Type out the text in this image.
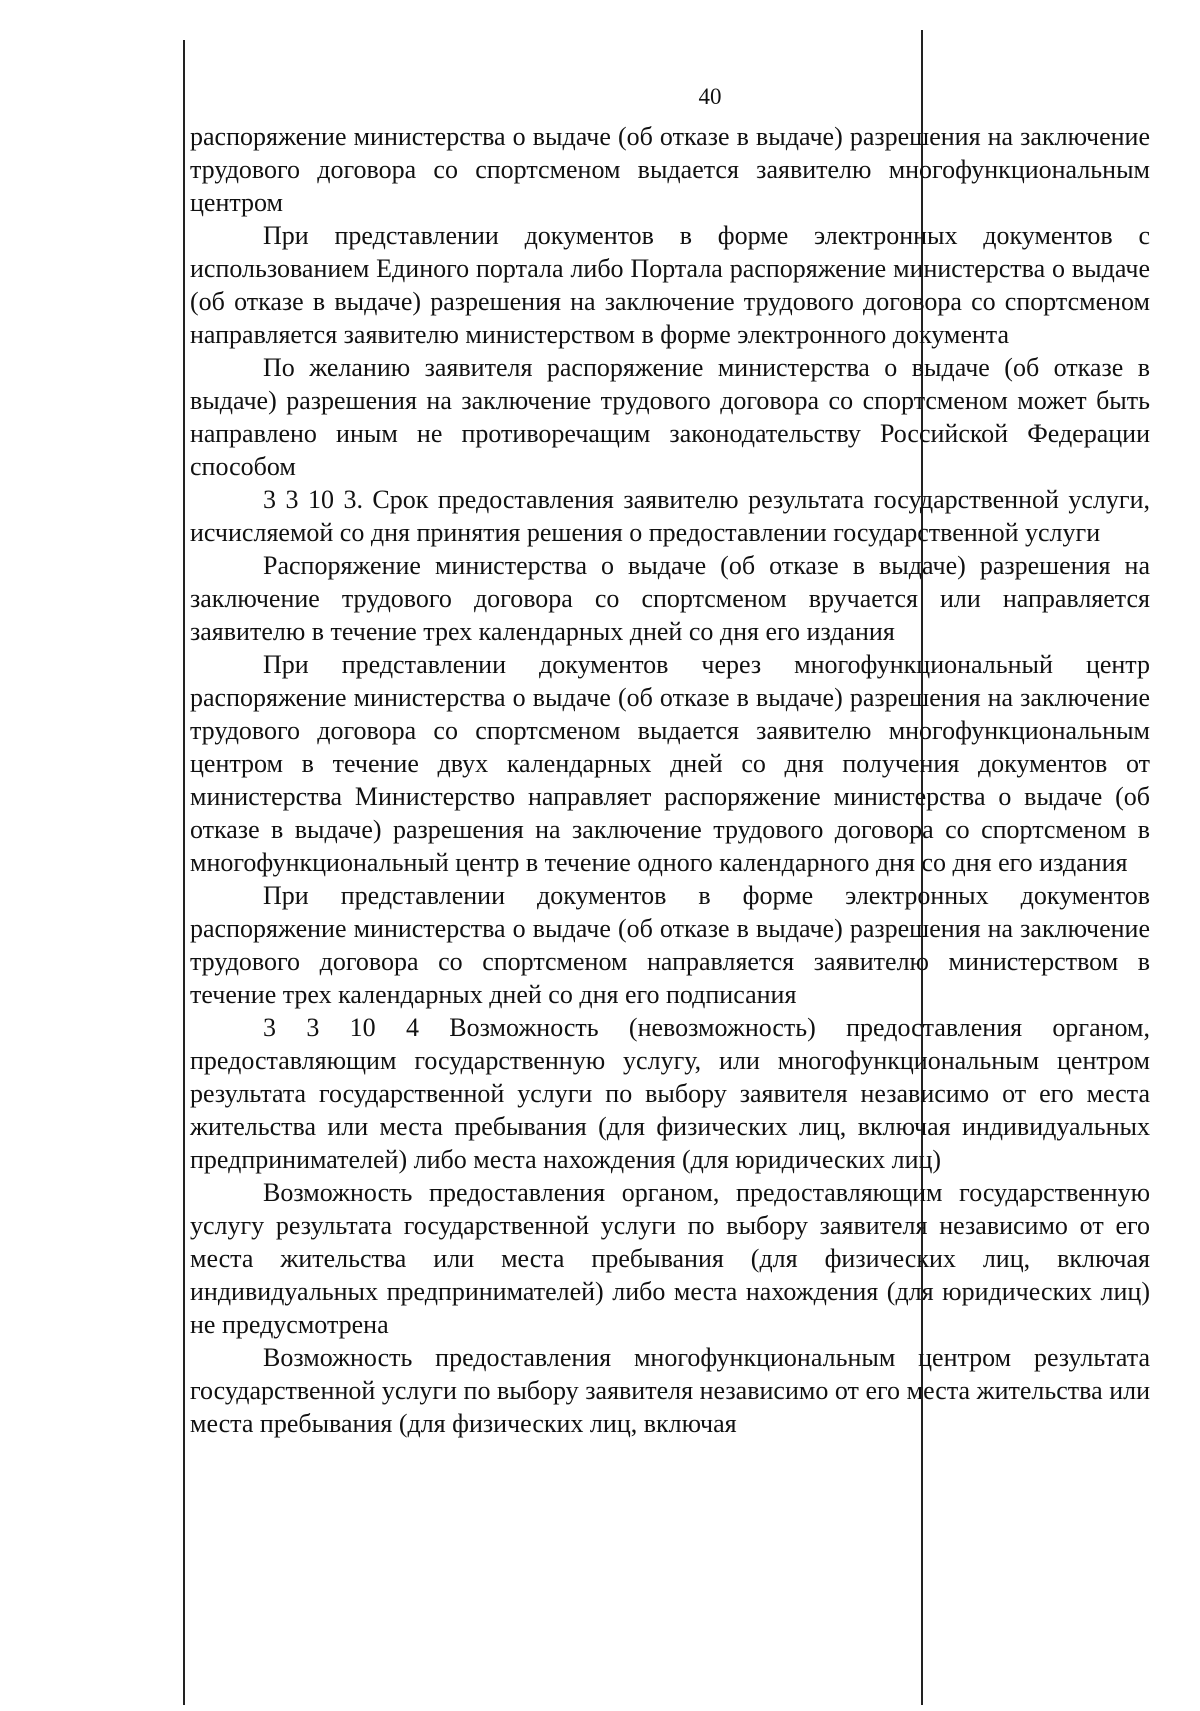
40

распоряжение министерства о выдаче (об отказе в выдаче) разрешения на заключение трудового договора со спортсменом выдается заявителю многофункциональным центром

При представлении документов в форме электронных документов с использованием Единого портала либо Портала распоряжение министерства о выдаче (об отказе в выдаче) разрешения на заключение трудового договора со спортсменом направляется заявителю министерством в форме электронного документа

По желанию заявителя распоряжение министерства о выдаче (об отказе в выдаче) разрешения на заключение трудового договора со спортсменом может быть направлено иным не противоречащим законодательству Российской Федерации способом

3 3 10 3. Срок предоставления заявителю результата государственной услуги, исчисляемой со дня принятия решения о предоставлении государственной услуги

Распоряжение министерства о выдаче (об отказе в выдаче) разрешения на заключение трудового договора со спортсменом вручается или направляется заявителю в течение трех календарных дней со дня его издания

При представлении документов через многофункциональный центр распоряжение министерства о выдаче (об отказе в выдаче) разрешения на заключение трудового договора со спортсменом выдается заявителю многофункциональным центром в течение двух календарных дней со дня получения документов от министерства Министерство направляет распоряжение министерства о выдаче (об отказе в выдаче) разрешения на заключение трудового договора со спортсменом в многофункциональный центр в течение одного календарного дня со дня его издания

При представлении документов в форме электронных документов распоряжение министерства о выдаче (об отказе в выдаче) разрешения на заключение трудового договора со спортсменом направляется заявителю министерством в течение трех календарных дней со дня его подписания

3 3 10 4 Возможность (невозможность) предоставления органом, предоставляющим государственную услугу, или многофункциональным центром результата государственной услуги по выбору заявителя независимо от его места жительства или места пребывания (для физических лиц, включая индивидуальных предпринимателей) либо места нахождения (для юридических лиц)

Возможность предоставления органом, предоставляющим государственную услугу результата государственной услуги по выбору заявителя независимо от его места жительства или места пребывания (для физических лиц, включая индивидуальных предпринимателей) либо места нахождения (для юридических лиц) не предусмотрена

Возможность предоставления многофункциональным центром результата государственной услуги по выбору заявителя независимо от его места жительства или места пребывания (для физических лиц, включая
